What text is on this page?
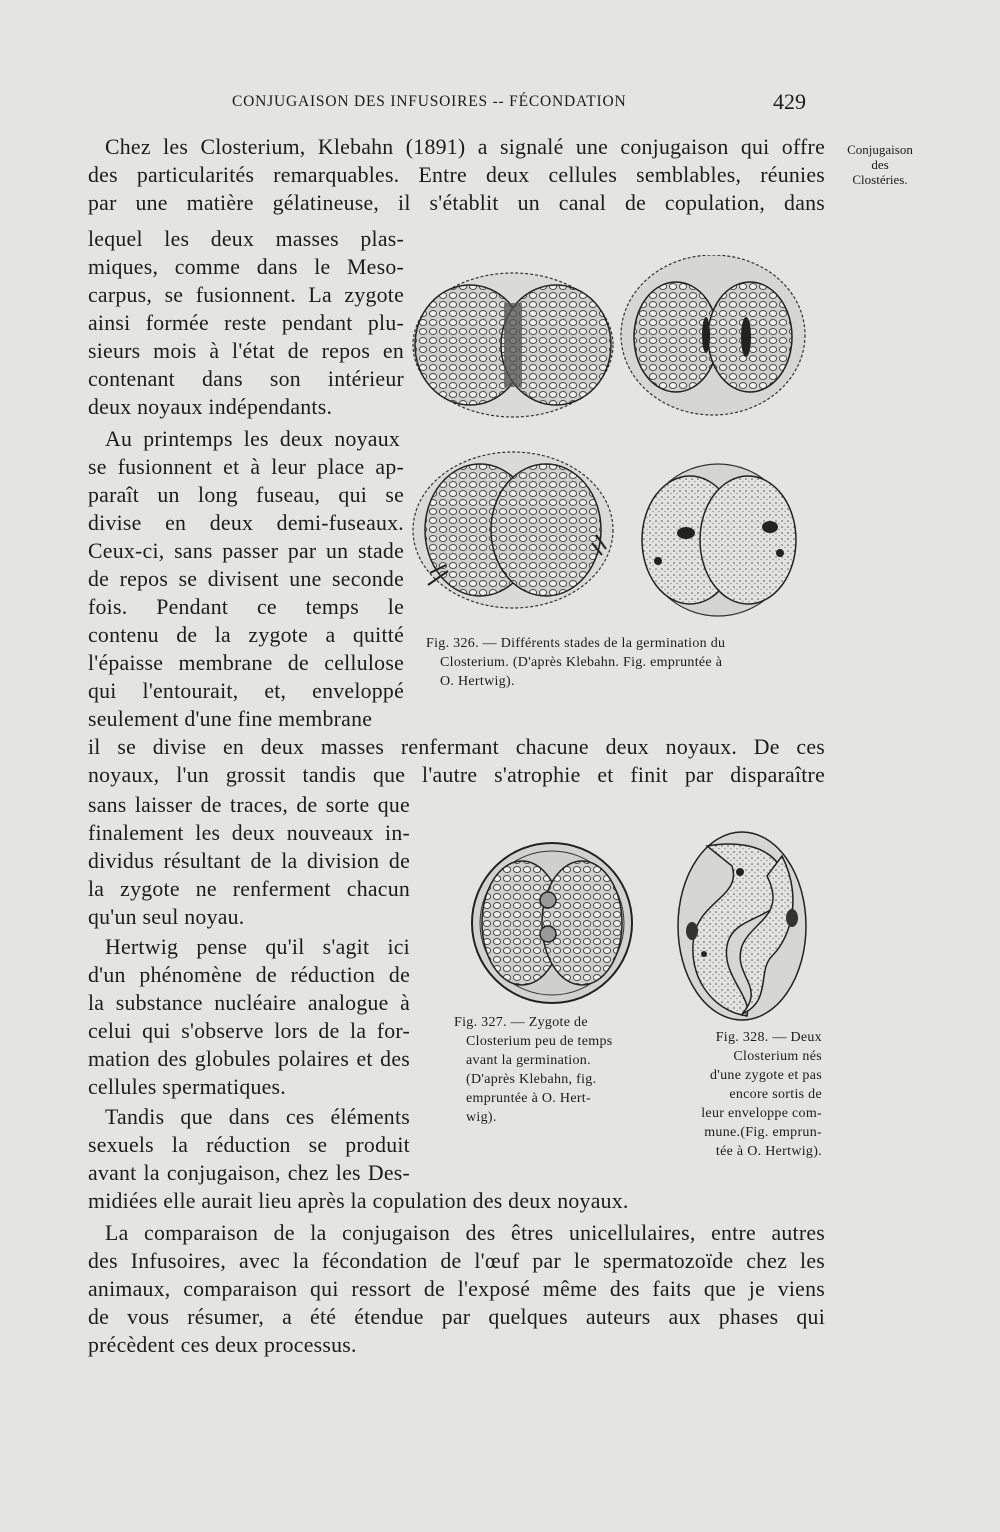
CONJUGAISON DES INFUSOIRES -- FÉCONDATION	429
Conjugaison
des
Clostéries.
Chez les Closterium, Klebahn (1891) a signalé une conjugaison qui offre
des particularités remarquables. Entre deux cellules semblables, réunies
par une matière gélatineuse, il s'établit un canal de copulation, dans
lequel les deux masses plas-
miques, comme dans le Meso-
carpus, se fusionnent. La zygote
ainsi formée reste pendant plu-
sieurs mois à l'état de repos en
contenant dans son intérieur
deux noyaux indépendants.
Au printemps les deux noyaux
se fusionnent et à leur place ap-
paraît un long fuseau, qui se
divise en deux demi-fuseaux.
Ceux-ci, sans passer par un stade
de repos se divisent une seconde
fois. Pendant ce temps le
contenu de la zygote a quitté
l'épaisse membrane de cellulose
qui l'entourait, et, enveloppé
seulement d'une fine membrane
il se divise en deux masses renfermant chacune deux noyaux. De ces
noyaux, l'un grossit tandis que l'autre s'atrophie et finit par disparaître
sans laisser de traces, de sorte que
finalement les deux nouveaux in-
dividus résultant de la division de
la zygote ne renferment chacun
qu'un seul noyau.
Hertwig pense qu'il s'agit ici
d'un phénomène de réduction de
la substance nucléaire analogue à
celui qui s'observe lors de la for-
mation des globules polaires et des
cellules spermatiques.
Tandis que dans ces éléments
sexuels la réduction se produit
avant la conjugaison, chez les Des-
midiées elle aurait lieu après la copulation des deux noyaux.
La comparaison de la conjugaison des êtres unicellulaires, entre autres
des Infusoires, avec la fécondation de l'œuf par le spermatozoïde chez les
animaux, comparaison qui ressort de l'exposé même des faits que je viens
de vous résumer, a été étendue par quelques auteurs aux phases qui
précèdent ces deux processus.
Fig. 326. — Différents stades de la germination du
Closterium. (D'après Klebahn. Fig. empruntée à
O. Hertwig).
Fig. 327. — Zygote de
Closterium peu de temps
avant la germination.
(D'après Klebahn, fig.
empruntée à O. Hert-
wig).
Fig. 328. — Deux
Closterium nés
d'une zygote et pas
encore sortis de
leur enveloppe com-
mune.(Fig. emprun-
tée à O. Hertwig).
